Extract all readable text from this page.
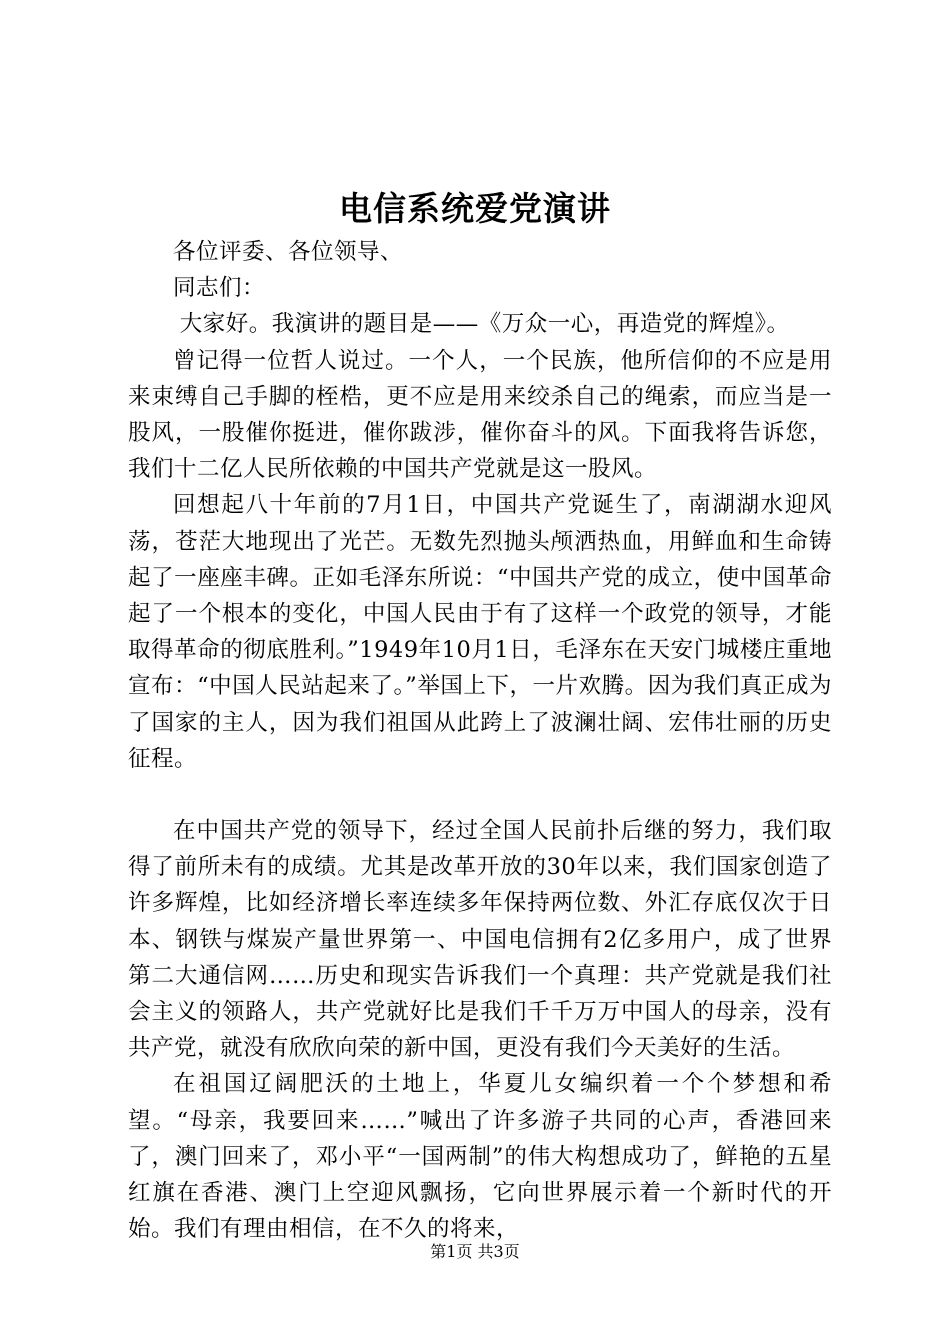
电信系统爱党演讲

各位评委、各位领导、

同志们：

大家好。我演讲的题目是——《万众一心，再造党的辉煌》。

曾记得一位哲人说过。一个人，一个民族，他所信仰的不应是用来束缚自己手脚的桎梏，更不应是用来绞杀自己的绳索，而应当是一股风，一股催你挺进，催你跋涉，催你奋斗的风。下面我将告诉您，我们十二亿人民所依赖的中国共产党就是这一股风。

回想起八十年前的7月1日，中国共产党诞生了，南湖湖水迎风荡，苍茫大地现出了光芒。无数先烈抛头颅洒热血，用鲜血和生命铸起了一座座丰碑。正如毛泽东所说：“中国共产党的成立，使中国革命起了一个根本的变化，中国人民由于有了这样一个政党的领导，才能取得革命的彻底胜利。”1949年10月1日，毛泽东在天安门城楼庄重地宣布：“中国人民站起来了。”举国上下，一片欢腾。因为我们真正成为了国家的主人，因为我们祖国从此跨上了波澜壮阔、宏伟壮丽的历史征程。

在中国共产党的领导下，经过全国人民前扑后继的努力，我们取得了前所未有的成绩。尤其是改革开放的30年以来，我们国家创造了许多辉煌，比如经济增长率连续多年保持两位数、外汇存底仅次于日本、钢铁与煤炭产量世界第一、中国电信拥有2亿多用户，成了世界第二大通信网……历史和现实告诉我们一个真理：共产党就是我们社会主义的领路人，共产党就好比是我们千千万万中国人的母亲，没有共产党，就没有欣欣向荣的新中国，更没有我们今天美好的生活。

在祖国辽阔肥沃的土地上，华夏儿女编织着一个个梦想和希望。“母亲，我要回来……”喊出了许多游子共同的心声，香港回来了，澳门回来了，邓小平“一国两制”的伟大构想成功了，鲜艳的五星红旗在香港、澳门上空迎风飘扬，它向世界展示着一个新时代的开始。我们有理由相信，在不久的将来，

第1页 共3页
